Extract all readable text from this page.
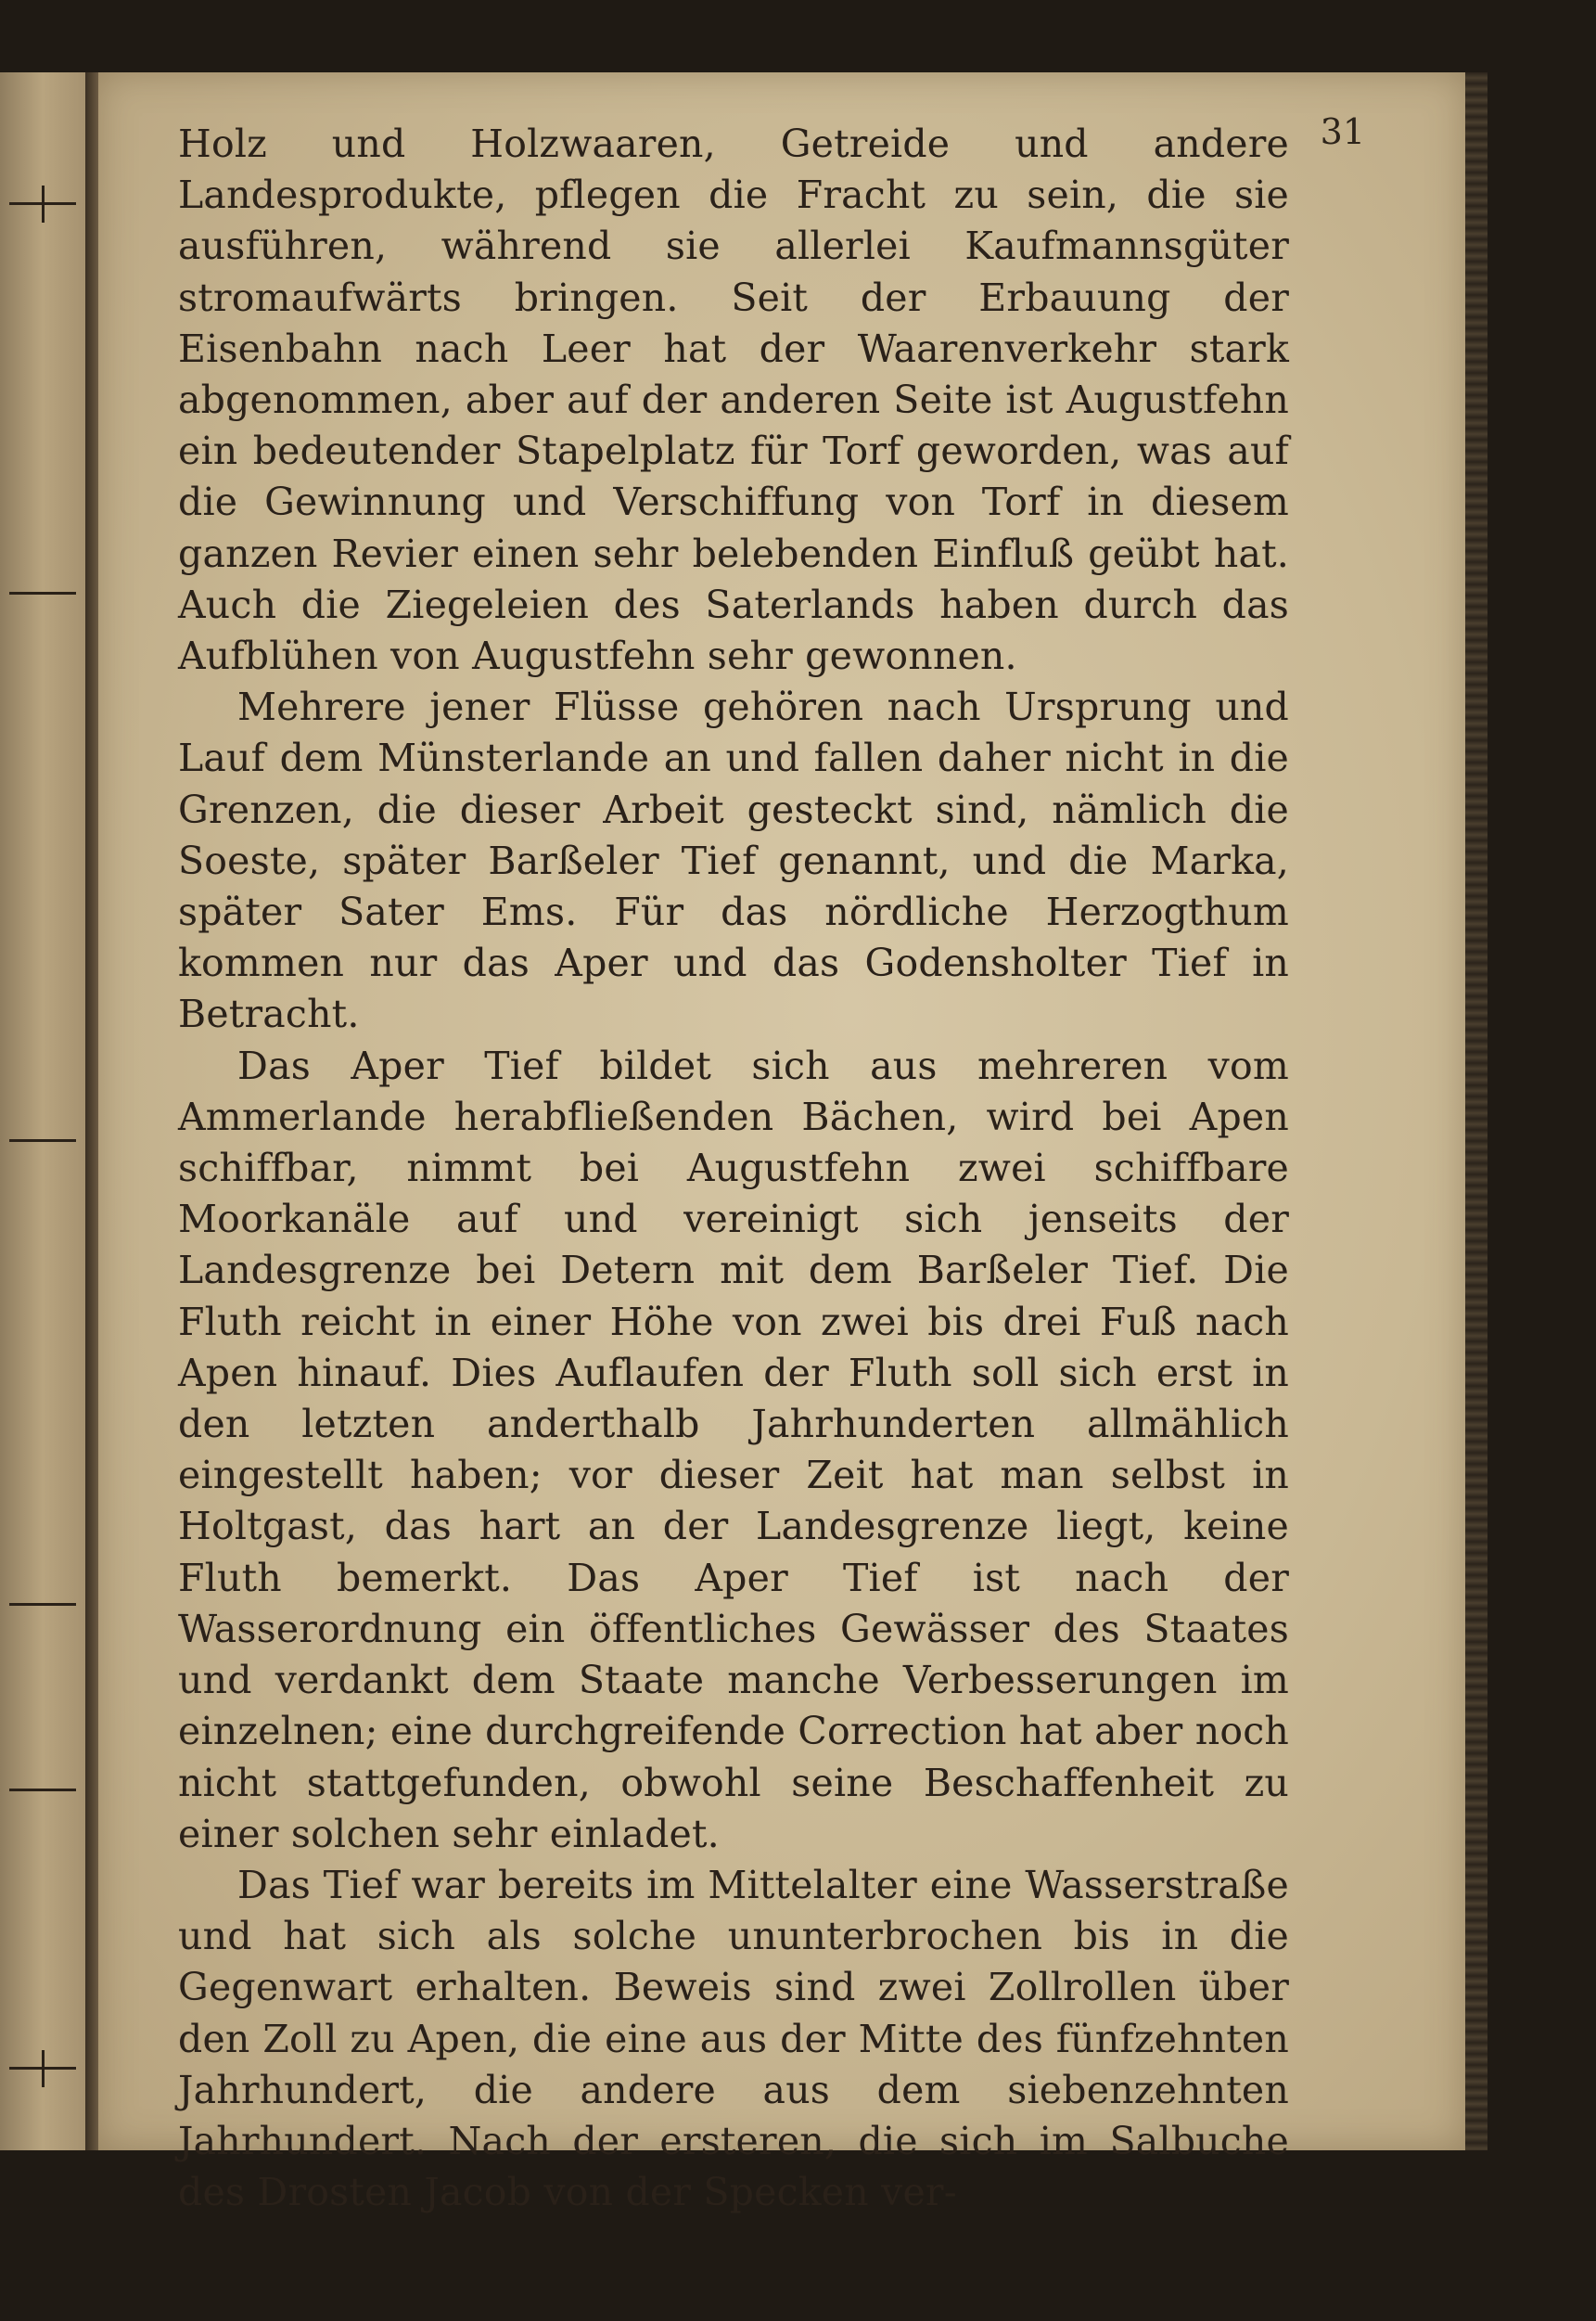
31

Holz und Holzwaaren, Getreide und andere Landesprodukte, pflegen die Fracht zu sein, die sie ausführen, während sie allerlei Kaufmannsgüter stromaufwärts bringen. Seit der Erbauung der Eisenbahn nach Leer hat der Waarenverkehr stark abgenommen, aber auf der anderen Seite ist Augustfehn ein bedeutender Stapelplatz für Torf geworden, was auf die Gewinnung und Verschiffung von Torf in diesem ganzen Revier einen sehr belebenden Einfluß geübt hat. Auch die Ziegeleien des Saterlands haben durch das Aufblühen von Augustfehn sehr gewonnen.

Mehrere jener Flüsse gehören nach Ursprung und Lauf dem Münsterlande an und fallen daher nicht in die Grenzen, die dieser Arbeit gesteckt sind, nämlich die Soeste, später Barßeler Tief genannt, und die Marka, später Sater Ems. Für das nördliche Herzogthum kommen nur das Aper und das Godensholter Tief in Betracht.

Das Aper Tief bildet sich aus mehreren vom Ammerlande herabfließenden Bächen, wird bei Apen schiffbar, nimmt bei Augustfehn zwei schiffbare Moorkanäle auf und vereinigt sich jenseits der Landesgrenze bei Detern mit dem Barßeler Tief. Die Fluth reicht in einer Höhe von zwei bis drei Fuß nach Apen hinauf. Dies Auflaufen der Fluth soll sich erst in den letzten anderthalb Jahrhunderten allmählich eingestellt haben; vor dieser Zeit hat man selbst in Holtgast, das hart an der Landesgrenze liegt, keine Fluth bemerkt. Das Aper Tief ist nach der Wasserordnung ein öffentliches Gewässer des Staates und verdankt dem Staate manche Verbesserungen im einzelnen; eine durchgreifende Correction hat aber noch nicht stattgefunden, obwohl seine Beschaffenheit zu einer solchen sehr einladet.

Das Tief war bereits im Mittelalter eine Wasserstraße und hat sich als solche ununterbrochen bis in die Gegenwart erhalten. Beweis sind zwei Zollrollen über den Zoll zu Apen, die eine aus der Mitte des fünfzehnten Jahrhundert, die andere aus dem siebenzehnten Jahrhundert. Nach der ersteren, die sich im Salbuche des Drosten Jacob von der Specken ver-
